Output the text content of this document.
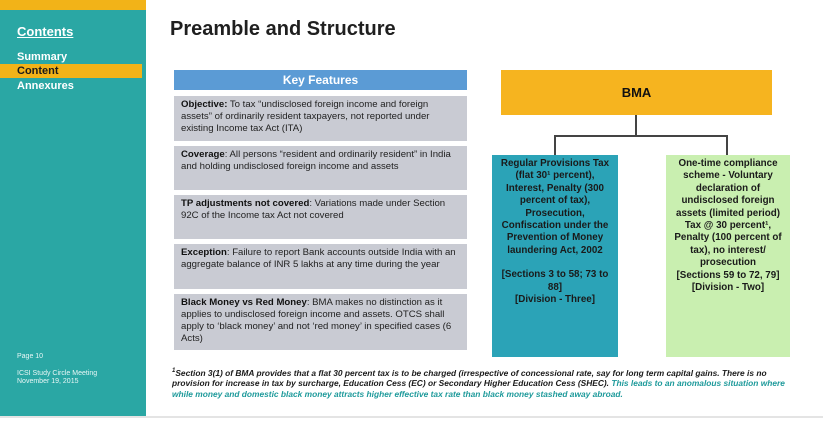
Contents
Summary
Content
Annexures
Page 10
ICSI Study Circle Meeting
November 19, 2015
Preamble and Structure
Key Features
Objective: To tax “undisclosed foreign income and foreign assets” of ordinarily resident taxpayers, not reported under existing Income tax Act (ITA)
Coverage: All persons “resident and ordinarily resident” in India and holding undisclosed foreign income and assets
TP adjustments not covered: Variations made under Section 92C of the Income tax Act not covered
Exception: Failure to report Bank accounts outside India with an aggregate balance of INR 5 lakhs at any time during the year
Black Money vs Red Money: BMA makes no distinction as it applies to undisclosed foreign income and assets. OTCS shall apply to ‘black money’ and not ‘red money’ in specified cases (6 Acts)
BMA
Regular Provisions Tax (flat 30¹ percent), Interest, Penalty (300 percent of tax), Prosecution, Confiscation under the Prevention of Money laundering Act, 2002
[Sections 3 to 58; 73 to 88]
[Division - Three]
One-time compliance scheme - Voluntary declaration of undisclosed foreign assets (limited period) Tax @ 30 percent¹, Penalty (100 percent of tax), no interest/ prosecution
[Sections 59 to 72, 79]
[Division - Two]
$^1$Section 3(1) of BMA provides that a flat 30 percent tax is to be charged (irrespective of concessional rate, say for long term capital gains. There is no provision for increase in tax by surcharge, Education Cess (EC) or Secondary Higher Education Cess (SHEC). This leads to an anomalous situation where while money and domestic black money attracts higher effective tax rate than black money stashed away abroad.
